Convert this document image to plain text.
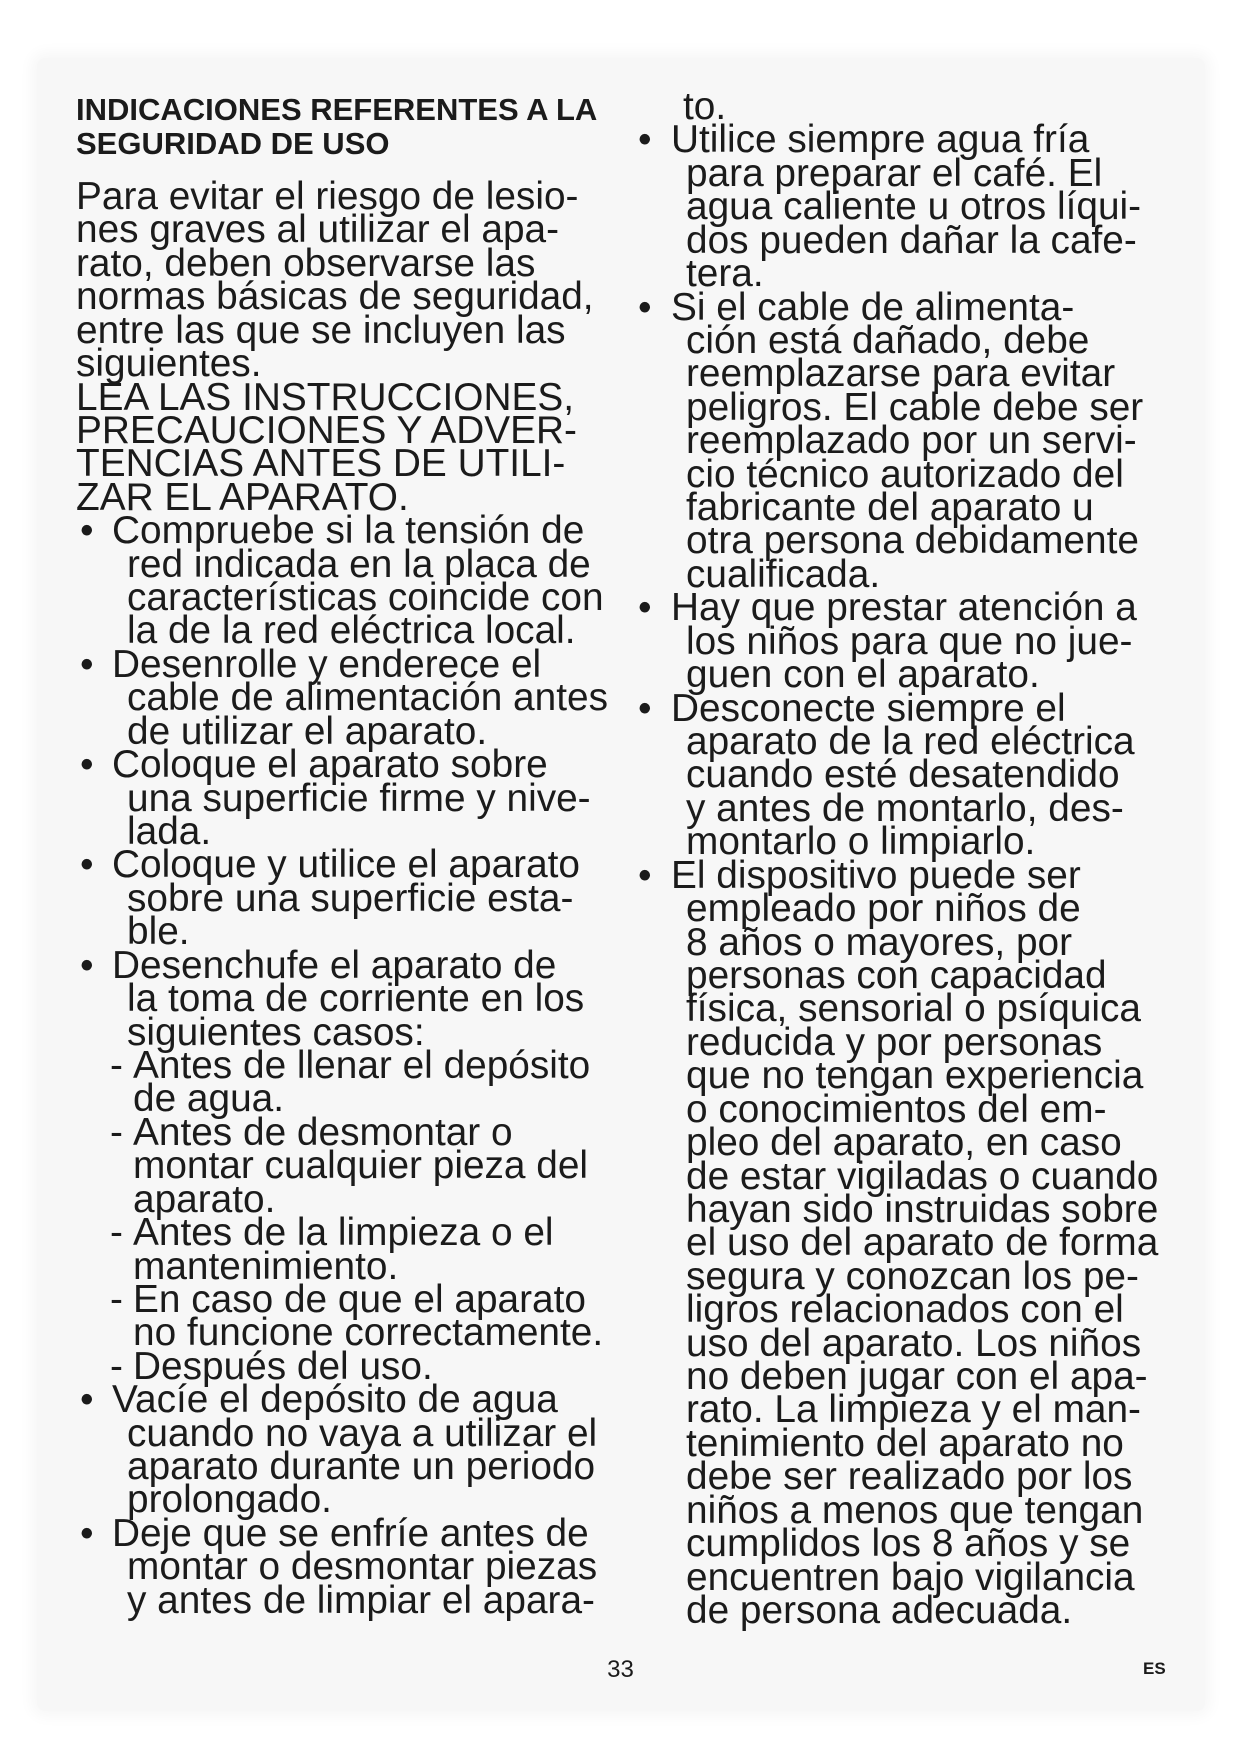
INDICACIONES REFERENTES A LA
SEGURIDAD DE USO
Para evitar el riesgo de lesio-
nes graves al utilizar el apa-
rato, deben observarse las
normas básicas de seguridad,
entre las que se incluyen las
siguientes.
LEA LAS INSTRUCCIONES,
PRECAUCIONES Y ADVER-
TENCIAS ANTES DE UTILI-
ZAR EL APARATO.
• Compruebe si la tensión de
red indicada en la placa de
características coincide con
la de la red eléctrica local.
• Desenrolle y enderece el
cable de alimentación antes
de utilizar el aparato.
• Coloque el aparato sobre
una superficie firme y nive-
lada.
• Coloque y utilice el aparato
sobre una superficie esta-
ble.
• Desenchufe el aparato de
la toma de corriente en los
siguientes casos:
- Antes de llenar el depósito
de agua.
- Antes de desmontar o
montar cualquier pieza del
aparato.
- Antes de la limpieza o el
mantenimiento.
- En caso de que el aparato
no funcione correctamente.
- Después del uso.
• Vacíe el depósito de agua
cuando no vaya a utilizar el
aparato durante un periodo
prolongado.
• Deje que se enfríe antes de
montar o desmontar piezas
y antes de limpiar el apara-
to.
• Utilice siempre agua fría
para preparar el café. El
agua caliente u otros líqui-
dos pueden dañar la cafe-
tera.
• Si el cable de alimenta-
ción está dañado, debe
reemplazarse para evitar
peligros. El cable debe ser
reemplazado por un servi-
cio técnico autorizado del
fabricante del aparato u
otra persona debidamente
cualificada.
• Hay que prestar atención a
los niños para que no jue-
guen con el aparato.
• Desconecte siempre el
aparato de la red eléctrica
cuando esté desatendido
y antes de montarlo, des-
montarlo o limpiarlo.
• El dispositivo puede ser
empleado por niños de
8 años o mayores, por
personas con capacidad
física, sensorial o psíquica
reducida y por personas
que no tengan experiencia
o conocimientos del em-
pleo del aparato, en caso
de estar vigiladas o cuando
hayan sido instruidas sobre
el uso del aparato de forma
segura y conozcan los pe-
ligros relacionados con el
uso del aparato. Los niños
no deben jugar con el apa-
rato. La limpieza y el man-
tenimiento del aparato no
debe ser realizado por los
niños a menos que tengan
cumplidos los 8 años y se
encuentren bajo vigilancia
de persona adecuada.
33	ES
